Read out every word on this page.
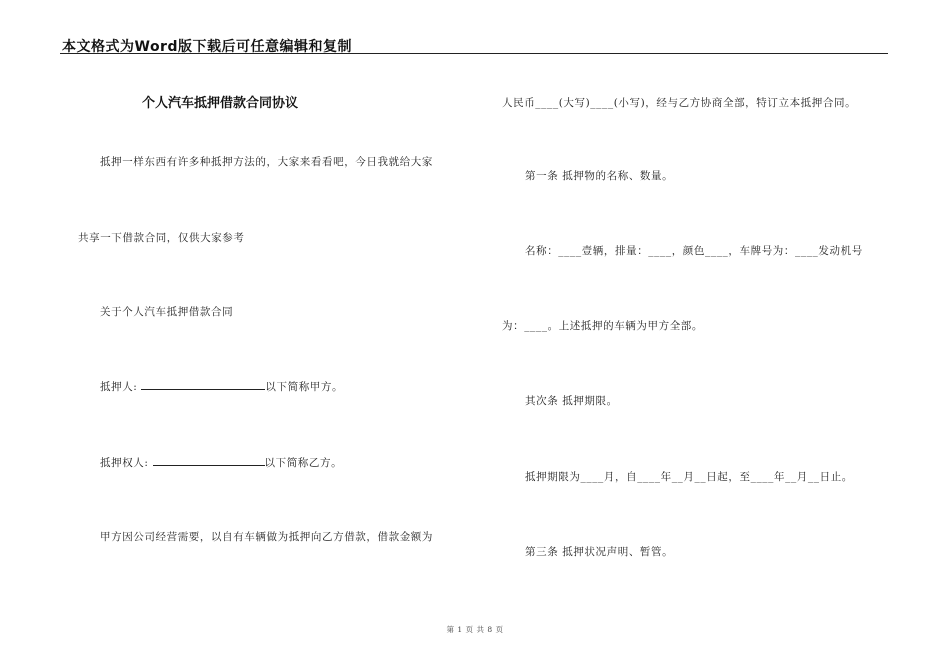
本文格式为Word版下载后可任意编辑和复制
个人汽车抵押借款合同协议
抵押一样东西有许多种抵押方法的，大家来看看吧，今日我就给大家
共享一下借款合同，仅供大家参考
关于个人汽车抵押借款合同
抵押人:	以下简称甲方。
抵押权人:	以下简称乙方。
甲方因公司经营需要，以自有车辆做为抵押向乙方借款，借款金额为
人民币____(大写)____(小写)，经与乙方协商全部，特订立本抵押合同。
第一条 抵押物的名称、数量。
名称：____壹辆，排量：____，颜色____，车牌号为：____发动机号
为：____。上述抵押的车辆为甲方全部。
其次条 抵押期限。
抵押期限为____月，自____年__月__日起，至____年__月__日止。
第三条 抵押状况声明、暂管。
第 1 页 共 8 页
